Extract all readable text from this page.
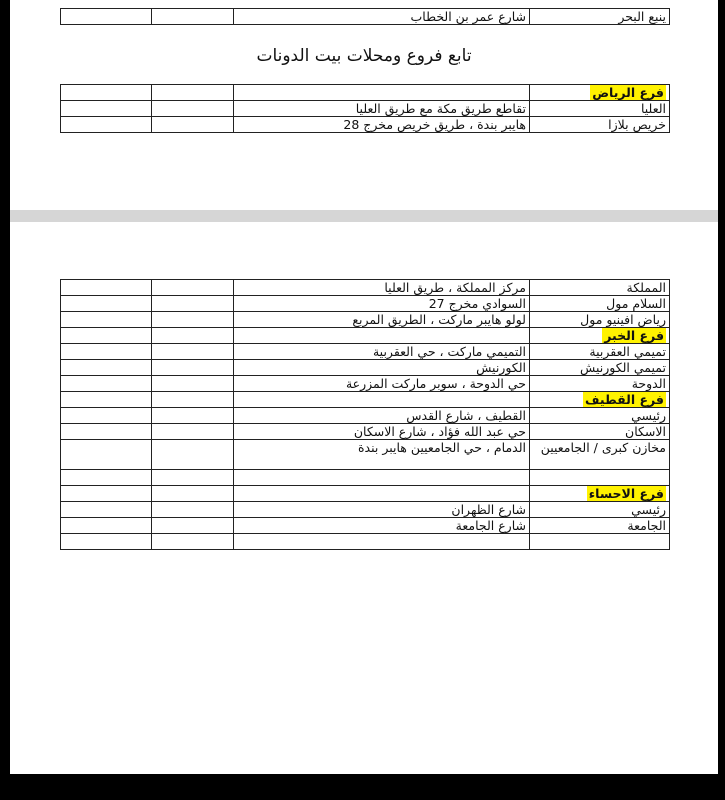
		شارع عمر بن الخطاب	ينبع البحر
تابع فروع ومحلات بيت الدونات
			فرع الرياض
		تقاطع طريق مكة مع طريق العليا	العليا
		هايبر بندة ، طريق خريص مخرج 28	خريص بلازا
		مركز المملكة ، طريق العليا	المملكة
		السوادي مخرج 27	السلام مول
		لولو هايبر ماركت ، الطريق المربع	رياض افينيو مول
			فرع الخبر
		التميمي ماركت ، حي العقربية	تميمي العقربية
		الكورنيش	تميمي الكورنيش
		حي الدوحة ، سوبر ماركت المزرعة	الدوحة
			فرع القطيف
		القطيف ، شارع القدس	رئيسي
		حي عبد الله فؤاد ، شارع الاسكان	الاسكان
		الدمام ، حي الجامعيين هايبر بندة	مخازن كبرى / الجامعيين

			فرع الاحساء
		شارع الظهران	رئيسي
		شارع الجامعة	الجامعة
